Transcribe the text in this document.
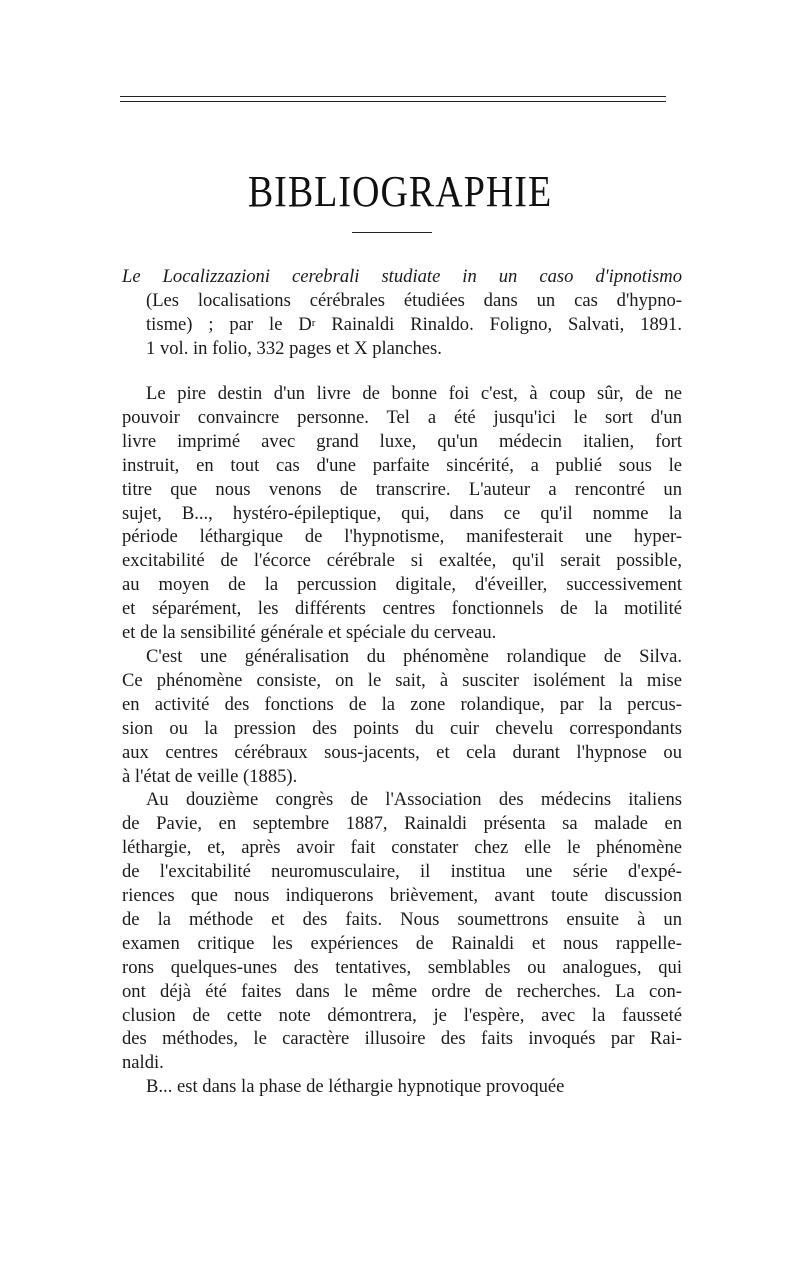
BIBLIOGRAPHIE
Le Localizzazioni cerebrali studiate in un caso d'ipnotismo
(Les localisations cérébrales étudiées dans un cas d'hypno-
tisme) ; par le $D^r$ Rainaldi Rinaldo. Foligno, Salvati, 1891.
1 vol. in folio, 332 pages et X planches.
Le pire destin d'un livre de bonne foi c'est, à coup sûr, de ne
pouvoir convaincre personne. Tel a été jusqu'ici le sort d'un
livre imprimé avec grand luxe, qu'un médecin italien, fort
instruit, en tout cas d'une parfaite sincérité, a publié sous le
titre que nous venons de transcrire. L'auteur a rencontré un
sujet, B..., hystéro-épileptique, qui, dans ce qu'il nomme la
période léthargique de l'hypnotisme, manifesterait une hyper-
excitabilité de l'écorce cérébrale si exaltée, qu'il serait possible,
au moyen de la percussion digitale, d'éveiller, successivement
et séparément, les différents centres fonctionnels de la motilité
et de la sensibilité générale et spéciale du cerveau.
C'est une généralisation du phénomène rolandique de Silva.
Ce phénomène consiste, on le sait, à susciter isolément la mise
en activité des fonctions de la zone rolandique, par la percus-
sion ou la pression des points du cuir chevelu correspondants
aux centres cérébraux sous-jacents, et cela durant l'hypnose ou
à l'état de veille (1885).
Au douzième congrès de l'Association des médecins italiens
de Pavie, en septembre 1887, Rainaldi présenta sa malade en
léthargie, et, après avoir fait constater chez elle le phénomène
de l'excitabilité neuromusculaire, il institua une série d'expé-
riences que nous indiquerons brièvement, avant toute discussion
de la méthode et des faits. Nous soumettrons ensuite à un
examen critique les expériences de Rainaldi et nous rappelle-
rons quelques-unes des tentatives, semblables ou analogues, qui
ont déjà été faites dans le même ordre de recherches. La con-
clusion de cette note démontrera, je l'espère, avec la fausseté
des méthodes, le caractère illusoire des faits invoqués par Rai-
naldi.
B... est dans la phase de léthargie hypnotique provoquée
